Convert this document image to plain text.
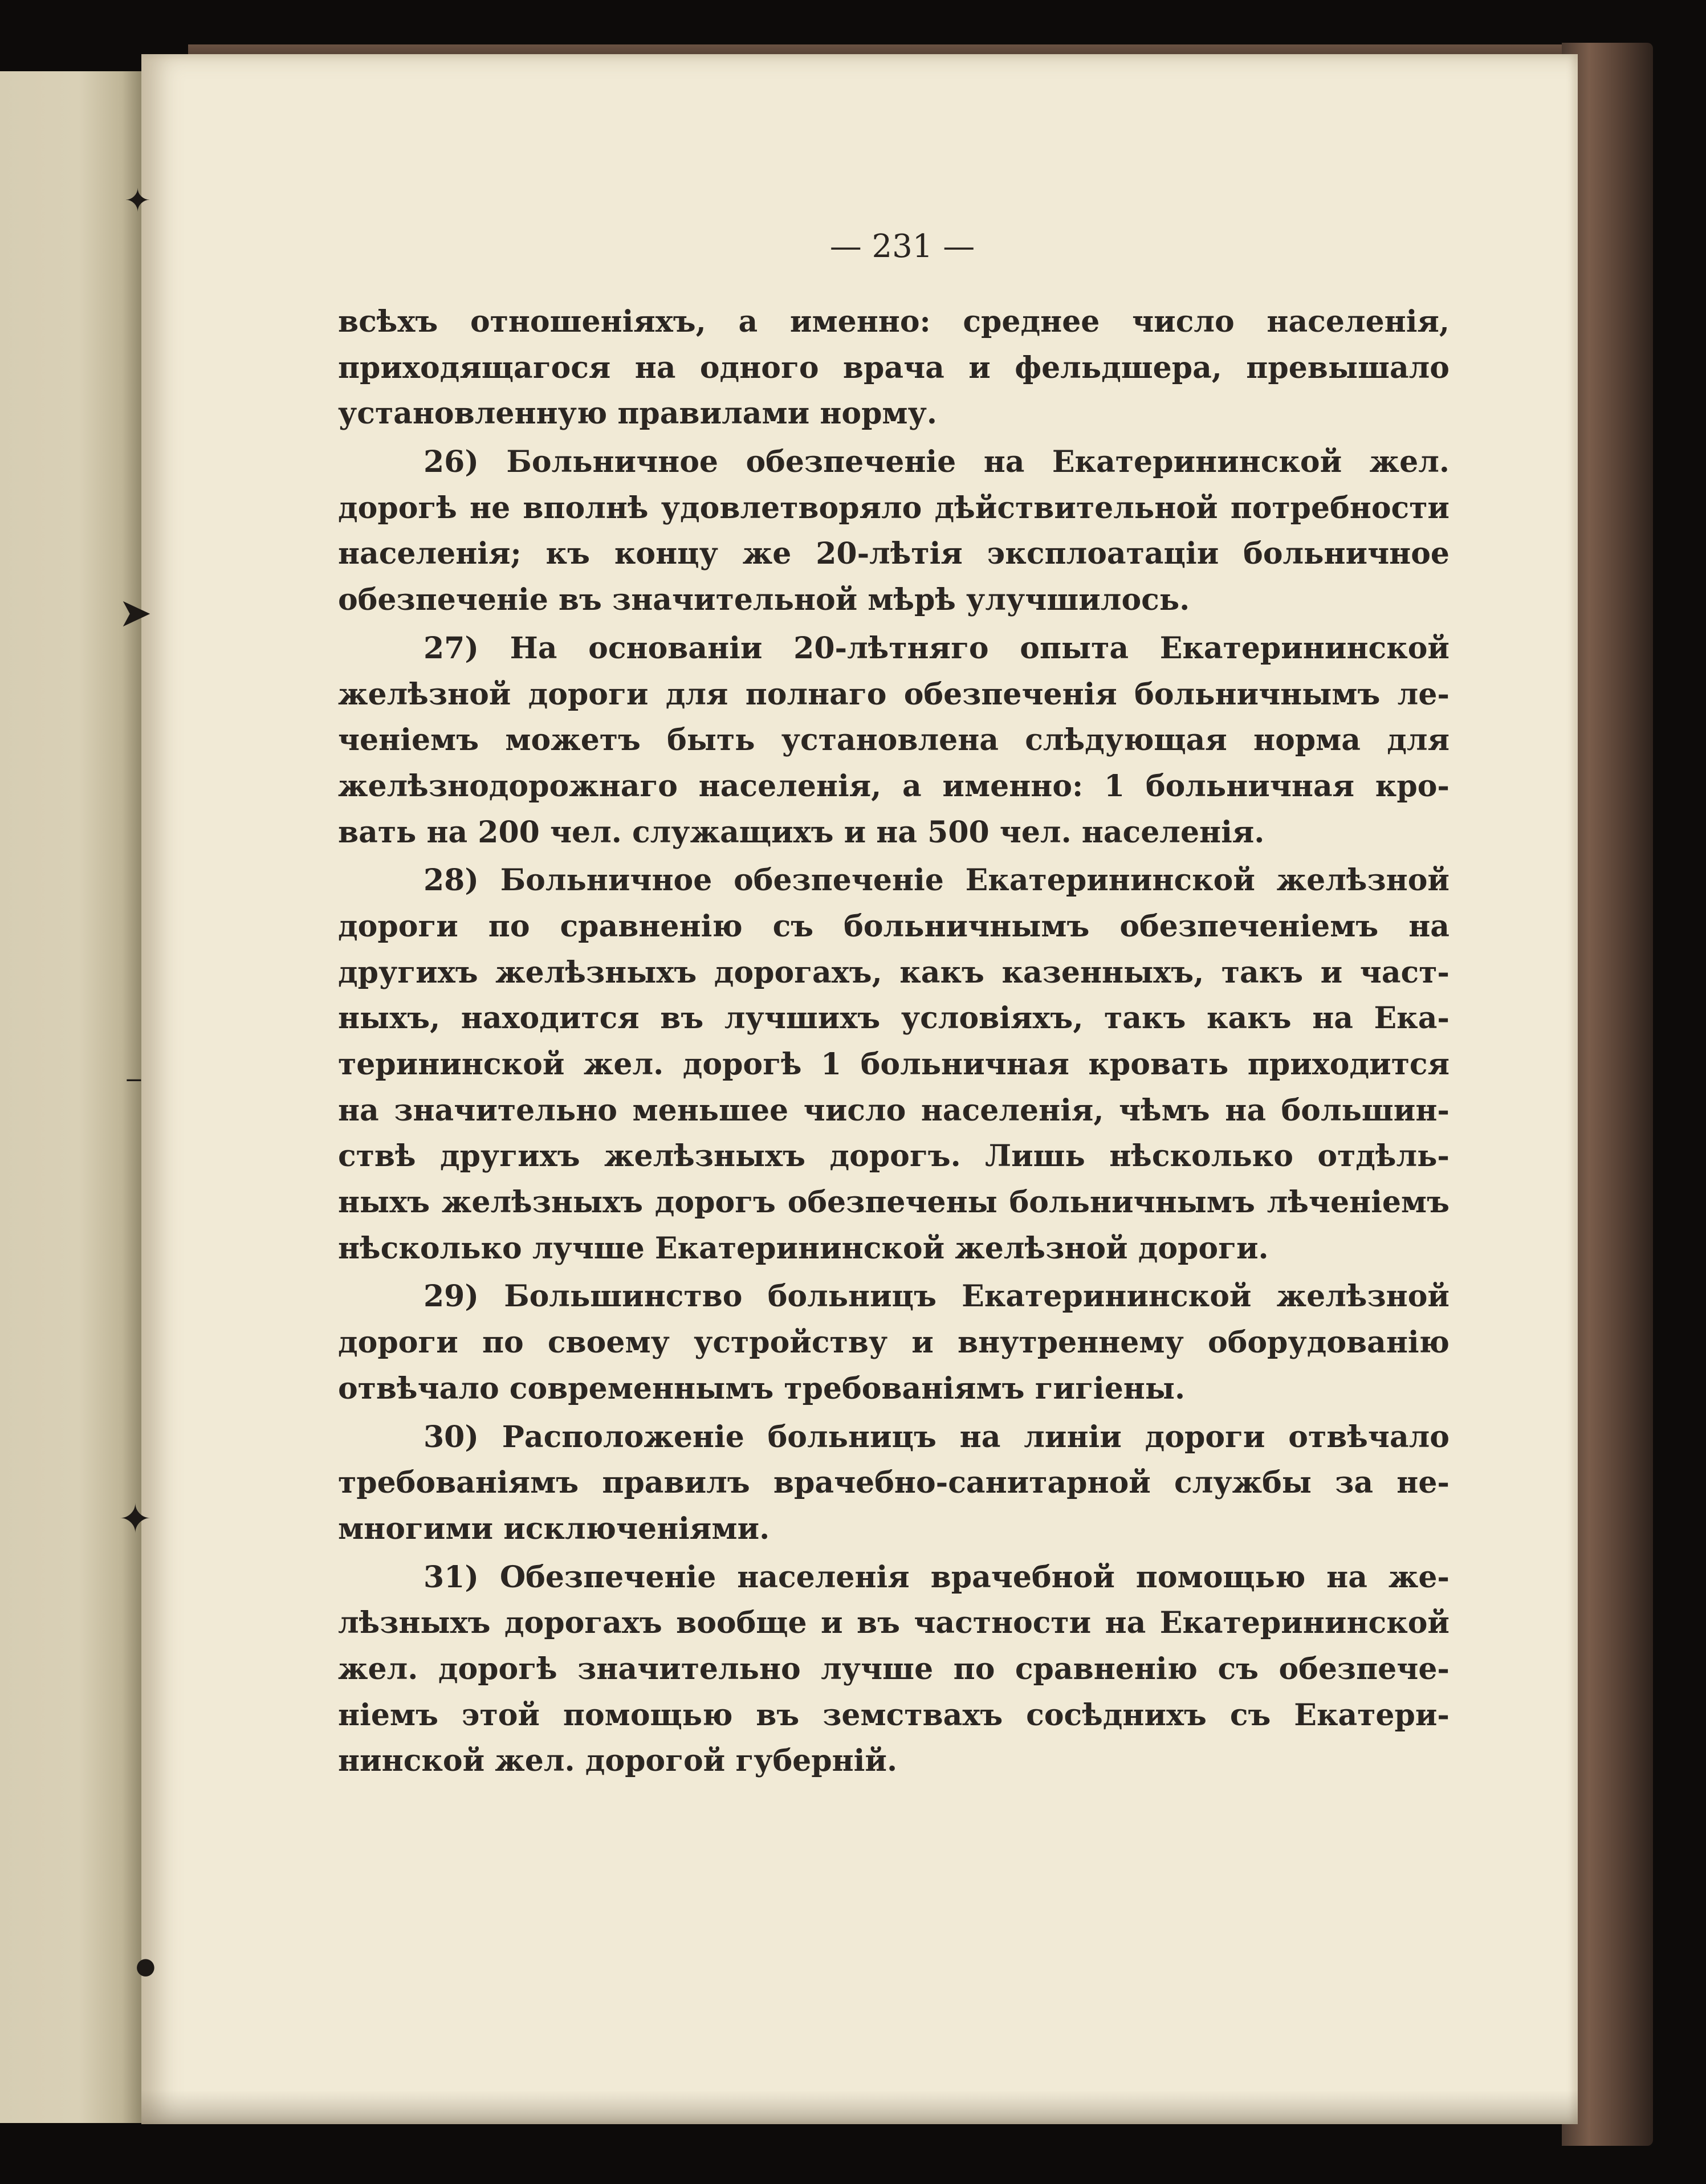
✦
➤
−
✦
●
— 231 —
всѣхъ отношеніяхъ, а именно: среднее число населенія,
приходящагося на одного врача и фельдшера, превышало
установленную правилами норму.
26) Больничное обезпеченіе на Екатерининской жел.
дорогѣ не вполнѣ удовлетворяло дѣйствительной потребности
населенія; къ концу же 20-лѣтія эксплоатаціи больничное
обезпеченіе въ значительной мѣрѣ улучшилось.
27) На основаніи 20-лѣтняго опыта Екатерининской
желѣзной дороги для полнаго обезпеченія больничнымъ ле-
ченіемъ можетъ быть установлена слѣдующая норма для
желѣзнодорожнаго населенія, а именно: 1 больничная кро-
вать на 200 чел. служащихъ и на 500 чел. населенія.
28) Больничное обезпеченіе Екатерининской желѣзной
дороги по сравненію съ больничнымъ обезпеченіемъ на
другихъ желѣзныхъ дорогахъ, какъ казенныхъ, такъ и част-
ныхъ, находится въ лучшихъ условіяхъ, такъ какъ на Ека-
терининской жел. дорогѣ 1 больничная кровать приходится
на значительно меньшее число населенія, чѣмъ на большин-
ствѣ другихъ желѣзныхъ дорогъ. Лишь нѣсколько отдѣль-
ныхъ желѣзныхъ дорогъ обезпечены больничнымъ лѣченіемъ
нѣсколько лучше Екатерининской желѣзной дороги.
29) Большинство больницъ Екатерининской желѣзной
дороги по своему устройству и внутреннему оборудованію
отвѣчало современнымъ требованіямъ гигіены.
30) Расположеніе больницъ на линіи дороги отвѣчало
требованіямъ правилъ врачебно-санитарной службы за не-
многими исключеніями.
31) Обезпеченіе населенія врачебной помощью на же-
лѣзныхъ дорогахъ вообще и въ частности на Екатерининской
жел. дорогѣ значительно лучше по сравненію съ обезпече-
ніемъ этой помощью въ земствахъ сосѣднихъ съ Екатери-
нинской жел. дорогой губерній.
